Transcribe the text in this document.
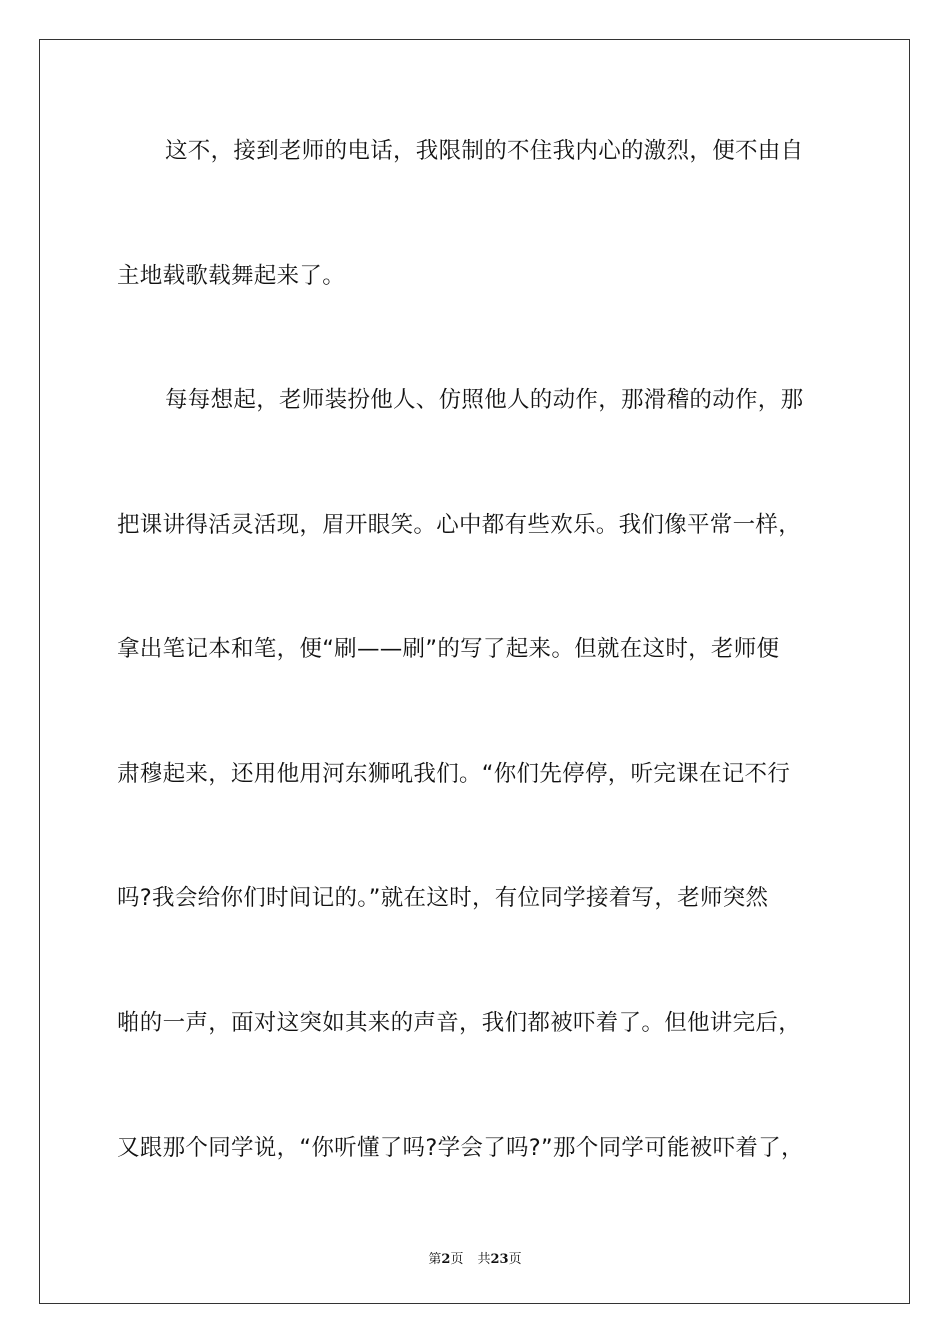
这不，接到老师的电话，我限制的不住我内心的激烈，便不由自
主地载歌载舞起来了。
每每想起，老师装扮他人、仿照他人的动作，那滑稽的动作，那
把课讲得活灵活现，眉开眼笑。心中都有些欢乐。我们像平常一样，
拿出笔记本和笔，便“刷——刷”的写了起来。但就在这时，老师便
肃穆起来，还用他用河东狮吼我们。“你们先停停，听完课在记不行
吗?我会给你们时间记的。”就在这时，有位同学接着写，老师突然
啪的一声，面对这突如其来的声音，我们都被吓着了。但他讲完后，
又跟那个同学说，“你听懂了吗?学会了吗?”那个同学可能被吓着了，
第2页 共23页
